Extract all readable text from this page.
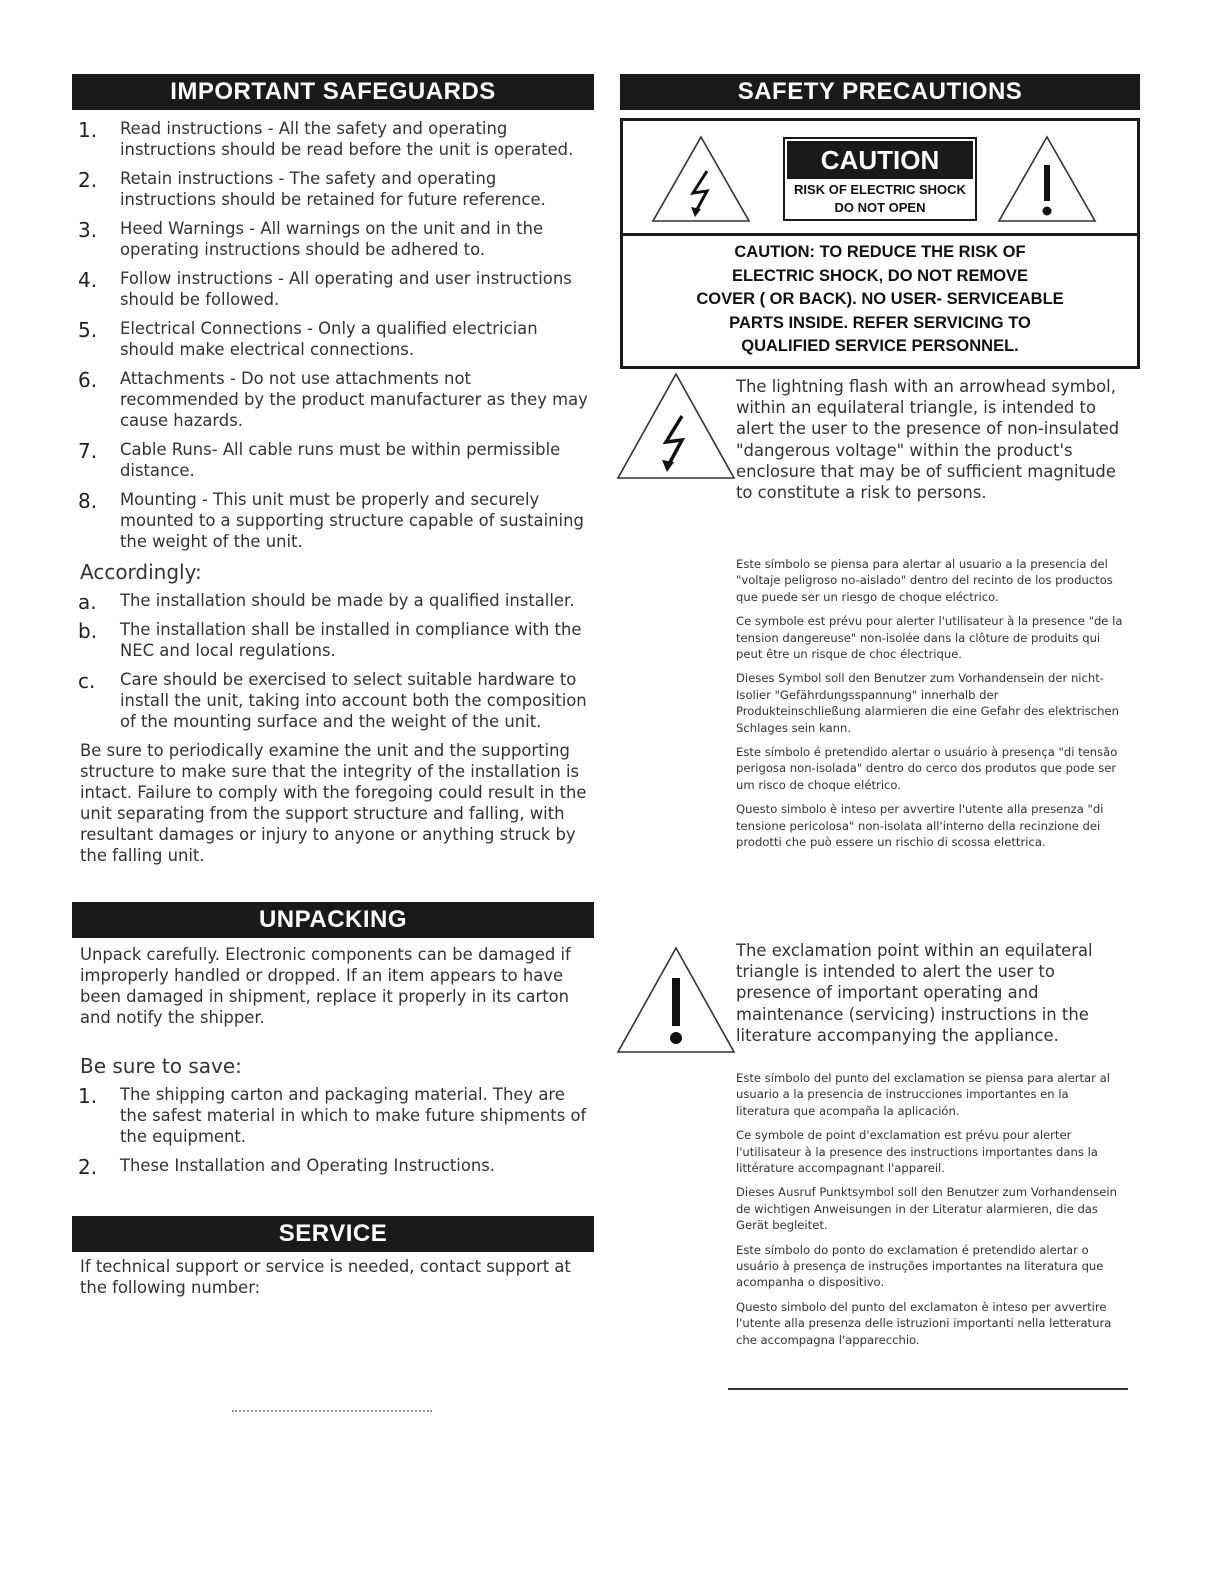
IMPORTANT SAFEGUARDS
1. Read instructions - All the safety and operating instructions should be read before the unit is operated.
2. Retain instructions - The safety and operating instructions should be retained for future reference.
3. Heed Warnings - All warnings on the unit and in the operating instructions should be adhered to.
4. Follow instructions - All operating and user instructions should be followed.
5. Electrical Connections - Only a qualified electrician should make electrical connections.
6. Attachments - Do not use attachments not recommended by the product manufacturer as they may cause hazards.
7. Cable Runs- All cable runs must be within permissible distance.
8. Mounting - This unit must be properly and securely mounted to a supporting structure capable of sustaining the weight of the unit.
Accordingly:
a. The installation should be made by a qualified installer.
b. The installation shall be installed in compliance with the NEC and local regulations.
c. Care should be exercised to select suitable hardware to install the unit, taking into account both the composition of the mounting surface and the weight of the unit.
Be sure to periodically examine the unit and the supporting structure to make sure that the integrity of the installation is intact. Failure to comply with the foregoing could result in the unit separating from the support structure and falling, with resultant damages or injury to anyone or anything struck by the falling unit.
UNPACKING
Unpack carefully. Electronic components can be damaged if improperly handled or dropped. If an item appears to have been damaged in shipment, replace it properly in its carton and notify the shipper.
Be sure to save:
1. The shipping carton and packaging material. They are the safest material in which to make future shipments of the equipment.
2. These Installation and Operating Instructions.
SERVICE
If technical support or service is needed, contact support at the following number:
SAFETY PRECAUTIONS
CAUTION
RISK OF ELECTRIC SHOCK
DO NOT OPEN
CAUTION: TO REDUCE THE RISK OF
ELECTRIC SHOCK, DO NOT REMOVE
COVER ( OR BACK). NO USER- SERVICEABLE
PARTS INSIDE. REFER SERVICING TO
QUALIFIED SERVICE PERSONNEL.
The lightning flash with an arrowhead symbol, within an equilateral triangle, is intended to alert the user to the presence of non-insulated "dangerous voltage" within the product's enclosure that may be of sufficient magnitude to constitute a risk to persons.
Este símbolo se piensa para alertar al usuario a la presencia del "voltaje peligroso no-aislado" dentro del recinto de los productos que puede ser un riesgo de choque eléctrico.
Ce symbole est prévu pour alerter l'utilisateur à la presence "de la tension dangereuse" non-isolée dans la clôture de produits qui peut être un risque de choc électrique.
Dieses Symbol soll den Benutzer zum Vorhandensein der nicht-Isolier "Gefährdungsspannung" innerhalb der Produkteinschließung alarmieren die eine Gefahr des elektrischen Schlages sein kann.
Este símbolo é pretendido alertar o usuário à presença "di tensão perigosa non-isolada" dentro do cerco dos produtos que pode ser um risco de choque elétrico.
Questo simbolo è inteso per avvertire l'utente alla presenza "di tensione pericolosa" non-isolata all'interno della recinzione dei prodotti che può essere un rischio di scossa elettrica.
The exclamation point within an equilateral triangle is intended to alert the user to presence of important operating and maintenance (servicing) instructions in the literature accompanying the appliance.
Este símbolo del punto del exclamation se piensa para alertar al usuario a la presencia de instrucciones importantes en la literatura que acompaña la aplicación.
Ce symbole de point d'exclamation est prévu pour alerter l'utilisateur à la presence des instructions importantes dans la littérature accompagnant l'appareil.
Dieses Ausruf Punktsymbol soll den Benutzer zum Vorhandensein de wichtigen Anweisungen in der Literatur alarmieren, die das Gerät begleitet.
Este símbolo do ponto do exclamation é pretendido alertar o usuário à presença de instruções importantes na literatura que acompanha o dispositivo.
Questo simbolo del punto del exclamaton è inteso per avvertire l'utente alla presenza delle istruzioni importanti nella letteratura che accompagna l'apparecchio.
